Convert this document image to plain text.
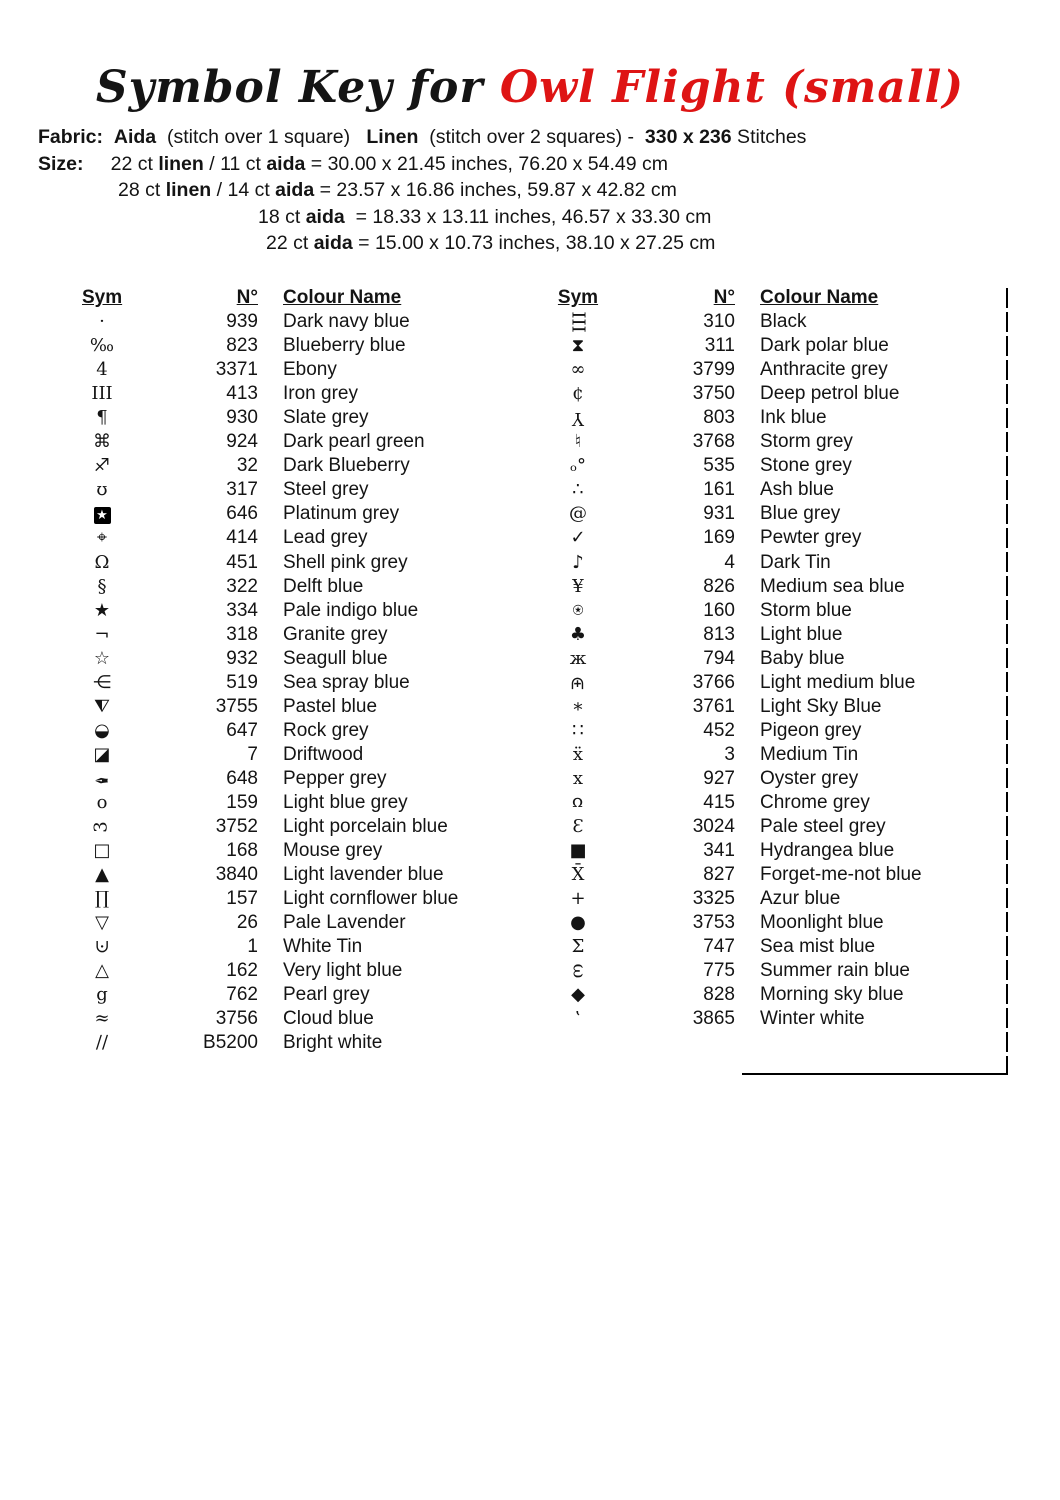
Symbol Key for Owl Flight (small)
Fabric: Aida  (stitch over 1 square)   Linen  (stitch over 2 squares) -  330 x 236 Stitches
Size:     22 ct linen / 11 ct aida = 30.00 x 21.45 inches, 76.20 x 54.49 cm
28 ct linen / 14 ct aida = 23.57 x 16.86 inches, 59.87 x 42.82 cm
18 ct aida  = 18.33 x 13.11 inches, 46.57 x 33.30 cm
22 ct aida = 15.00 x 10.73 inches, 38.10 x 27.25 cm
Sym	N°	Colour Name
·	939	Dark navy blue
‰	823	Blueberry blue
4	3371	Ebony
III	413	Iron grey
¶	930	Slate grey
⌘	924	Dark pearl green
♐	32	Dark Blueberry
ʊ	317	Steel grey
★	646	Platinum grey
⌖	414	Lead grey
Ω	451	Shell pink grey
§	322	Delft blue
★	334	Pale indigo blue
¬	318	Granite grey
☆	932	Seagull blue
⋲	519	Sea spray blue
⧨	3755	Pastel blue
◒	647	Rock grey
◪	7	Driftwood
✒	648	Pepper grey
o	159	Light blue grey
3	3752	Light porcelain blue
□	168	Mouse grey
▲	3840	Light lavender blue
∏	157	Light cornflower blue
▽	26	Pale Lavender
⊍	1	White Tin
△	162	Very light blue
g	762	Pearl grey
≈	3756	Cloud blue
∕∕	B5200	Bright white
Sym	N°	Colour Name
III	310	Black
⧗	311	Dark polar blue
∞	3799	Anthracite grey
¢	3750	Deep petrol blue
Y	803	Ink blue
♮	3768	Storm grey
ₒ°	535	Stone grey
∴	161	Ash blue
@	931	Blue grey
✓	169	Pewter grey
♪	4	Dark Tin
¥	826	Medium sea blue
⍟	160	Storm blue
♣	813	Light blue
ж	794	Baby blue
⊎	3766	Light medium blue
∗	3761	Light Sky Blue
∷	452	Pigeon grey
ẍ	3	Medium Tin
x	927	Oyster grey
ʊ	415	Chrome grey
Ɛ	3024	Pale steel grey
■	341	Hydrangea blue
X̄	827	Forget-me-not blue
+	3325	Azur blue
●	3753	Moonlight blue
Σ	747	Sea mist blue
ω	775	Summer rain blue
◆	828	Morning sky blue
‛	3865	Winter white
